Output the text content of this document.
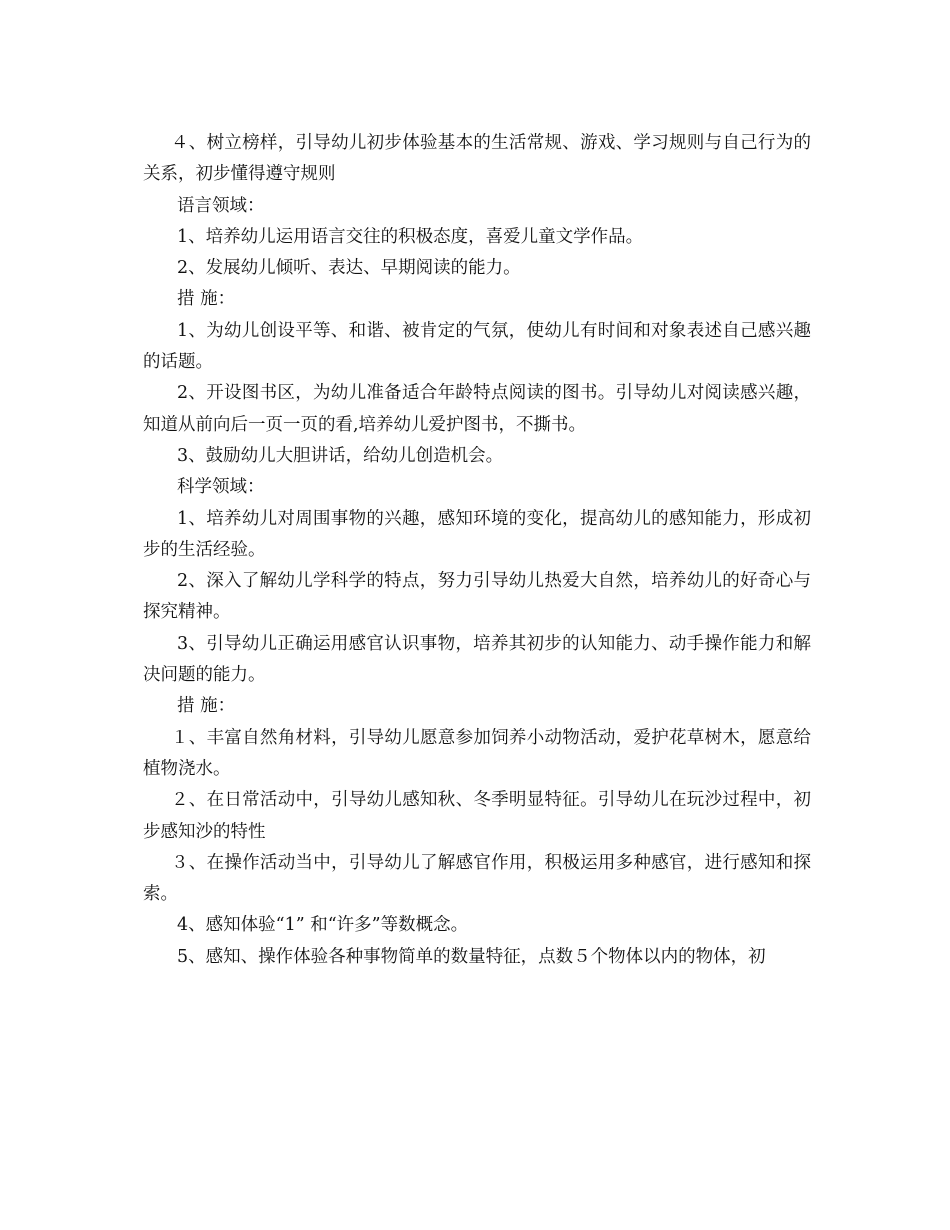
４、树立榜样，引导幼儿初步体验基本的生活常规、游戏、学习规则与自己行为的关系，初步懂得遵守规则

语言领域：

1、培养幼儿运用语言交往的积极态度，喜爱儿童文学作品。

2、发展幼儿倾听、表达、早期阅读的能力。

措 施：

1、为幼儿创设平等、和谐、被肯定的气氛，使幼儿有时间和对象表述自己感兴趣的话题。

2、开设图书区，为幼儿准备适合年龄特点阅读的图书。引导幼儿对阅读感兴趣，知道从前向后一页一页的看,培养幼儿爱护图书，不撕书。

3、鼓励幼儿大胆讲话，给幼儿创造机会。

科学领域：

1、培养幼儿对周围事物的兴趣，感知环境的变化，提高幼儿的感知能力，形成初步的生活经验。

2、深入了解幼儿学科学的特点，努力引导幼儿热爱大自然，培养幼儿的好奇心与探究精神。

3、引导幼儿正确运用感官认识事物，培养其初步的认知能力、动手操作能力和解决问题的能力。

措 施：

１、丰富自然角材料，引导幼儿愿意参加饲养小动物活动，爱护花草树木，愿意给植物浇水。

２、在日常活动中，引导幼儿感知秋、冬季明显特征。引导幼儿在玩沙过程中，初步感知沙的特性

３、在操作活动当中，引导幼儿了解感官作用，积极运用多种感官，进行感知和探索。

4、感知体验“1” 和“许多”等数概念。

5、感知、操作体验各种事物简单的数量特征，点数５个物体以内的物体，初
